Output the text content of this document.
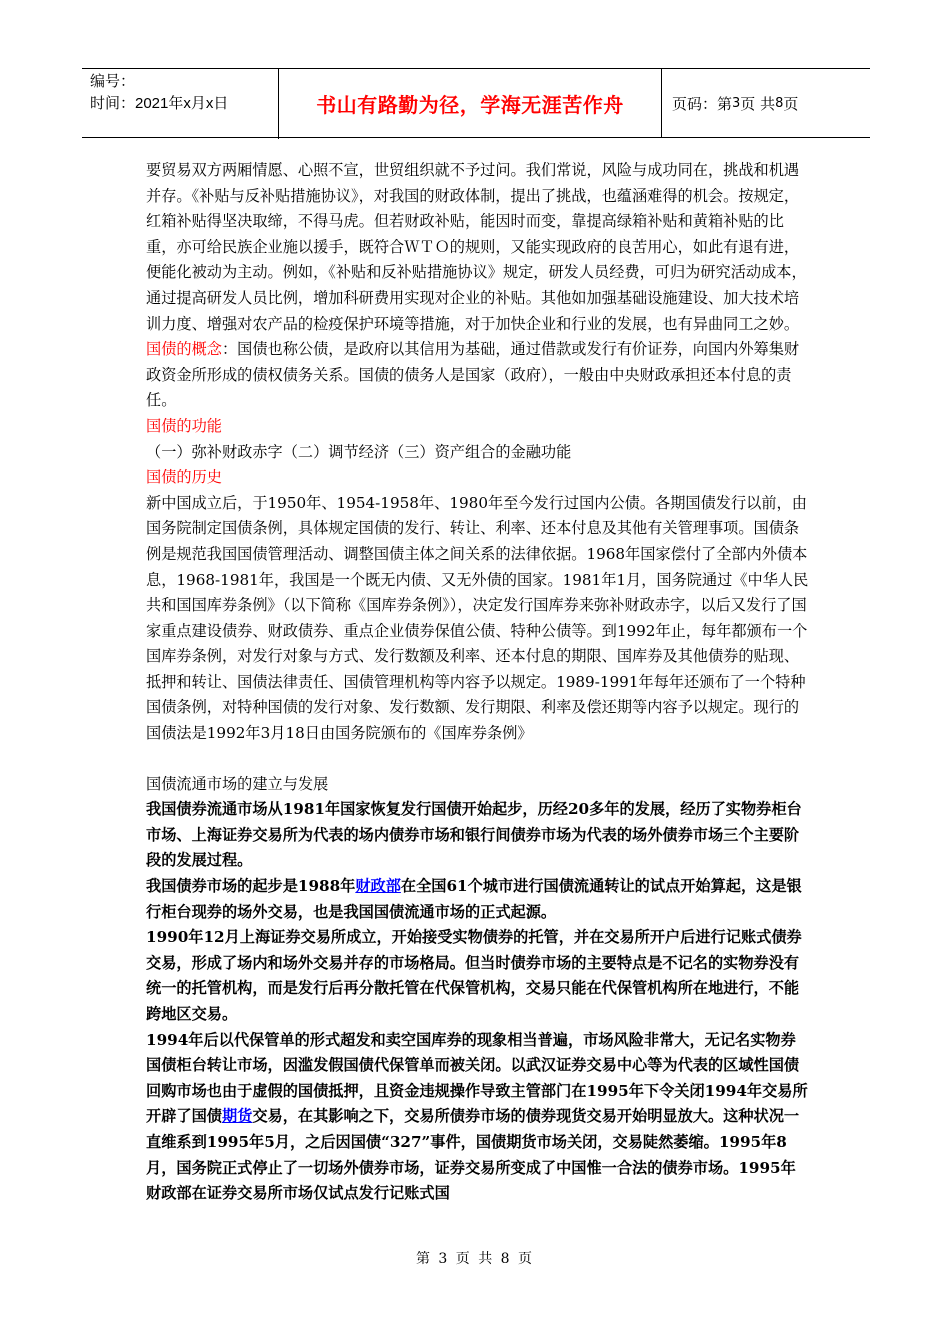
编号：
时间：2021年x月x日	书山有路勤为径，学海无涯苦作舟	页码：第 3 页 共 8 页

要贸易双方两厢情愿、心照不宣，世贸组织就不予过问。我们常说，风险与成功同在，挑战和机遇并存。《补贴与反补贴措施协议》，对我国的财政体制，提出了挑战，也蕴涵难得的机会。按规定，红箱补贴得坚决取缔，不得马虎。但若财政补贴，能因时而变，靠提高绿箱补贴和黄箱补贴的比重，亦可给民族企业施以援手，既符合ＷＴＯ的规则，又能实现政府的良苦用心，如此有退有进，便能化被动为主动。例如，《补贴和反补贴措施协议》规定，研发人员经费，可归为研究活动成本，通过提高研发人员比例，增加科研费用实现对企业的补贴。其他如加强基础设施建设、加大技术培训力度、增强对农产品的检疫保护环境等措施，对于加快企业和行业的发展，也有异曲同工之妙。

国债的概念：国债也称公债，是政府以其信用为基础，通过借款或发行有价证券，向国内外筹集财政资金所形成的债权债务关系。国债的债务人是国家（政府），一般由中央财政承担还本付息的责任。

国债的功能

（一）弥补财政赤字（二）调节经济（三）资产组合的金融功能

国债的历史

新中国成立后，于1950年、1954-1958年、1980年至今发行过国内公债。各期国债发行以前，由国务院制定国债条例，具体规定国债的发行、转让、利率、还本付息及其他有关管理事项。国债条例是规范我国国债管理活动、调整国债主体之间关系的法律依据。1968年国家偿付了全部内外债本息，1968-1981年，我国是一个既无内债、又无外债的国家。1981年1月，国务院通过《中华人民共和国国库券条例》（以下简称《国库券条例》），决定发行国库券来弥补财政赤字，以后又发行了国家重点建设债券、财政债券、重点企业债券保值公债、特种公债等。到1992年止，每年都颁布一个国库券条例，对发行对象与方式、发行数额及利率、还本付息的期限、国库券及其他债券的贴现、抵押和转让、国债法律责任、国债管理机构等内容予以规定。1989-1991年每年还颁布了一个特种国债条例，对特种国债的发行对象、发行数额、发行期限、利率及偿还期等内容予以规定。现行的国债法是1992年3月18日由国务院颁布的《国库券条例》

国债流通市场的建立与发展

我国债券流通市场从1981年国家恢复发行国债开始起步，历经20多年的发展，经历了实物券柜台市场、上海证券交易所为代表的场内债券市场和银行间债券市场为代表的场外债券市场三个主要阶段的发展过程。

我国债券市场的起步是1988年财政部在全国61个城市进行国债流通转让的试点开始算起，这是银行柜台现券的场外交易，也是我国国债流通市场的正式起源。

1990年12月上海证券交易所成立，开始接受实物债券的托管，并在交易所开户后进行记账式债券交易，形成了场内和场外交易并存的市场格局。但当时债券市场的主要特点是不记名的实物券没有统一的托管机构，而是发行后再分散托管在代保管机构，交易只能在代保管机构所在地进行，不能跨地区交易。

1994年后以代保管单的形式超发和卖空国库券的现象相当普遍，市场风险非常大，无记名实物券国债柜台转让市场，因滥发假国债代保管单而被关闭。以武汉证券交易中心等为代表的区域性国债回购市场也由于虚假的国债抵押，且资金违规操作导致主管部门在1995年下令关闭1994年交易所开辟了国债期货交易，在其影响之下，交易所债券市场的债券现货交易开始明显放大。这种状况一直维系到1995年5月，之后因国债“327”事件，国债期货市场关闭，交易陡然萎缩。1995年8月，国务院正式停止了一切场外债券市场，证券交易所变成了中国惟一合法的债券市场。1995年财政部在证券交易所市场仅试点发行记账式国

第 3 页 共 8 页
